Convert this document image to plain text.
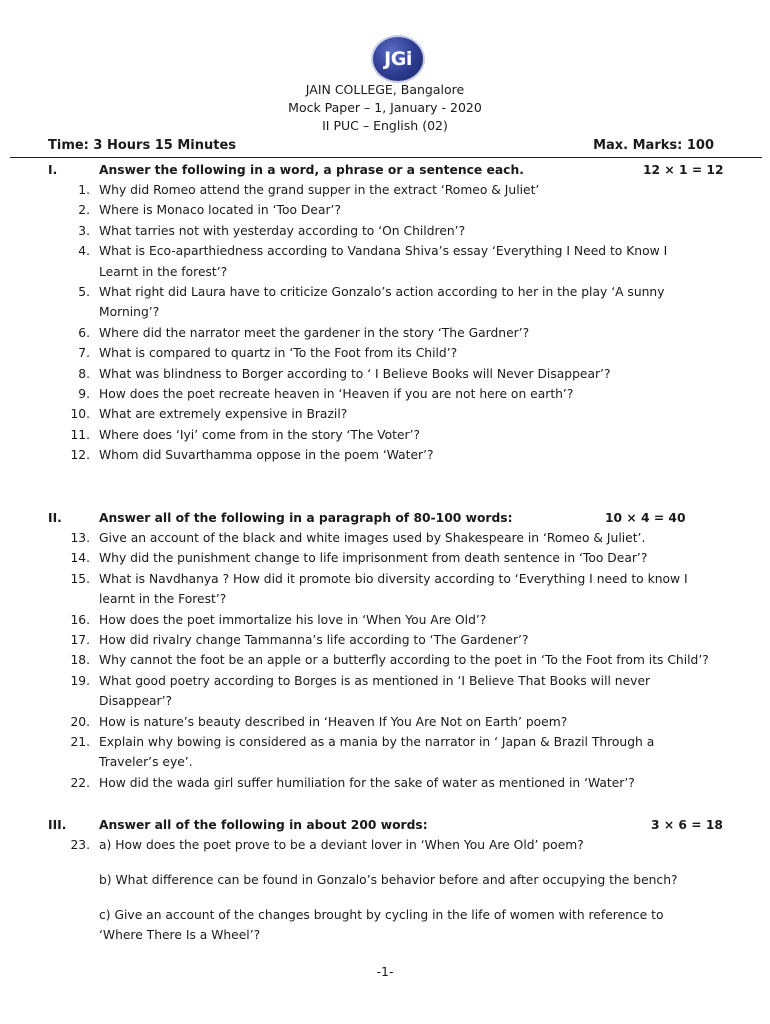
JGi
JAIN COLLEGE, Bangalore
Mock Paper – 1, January - 2020
II PUC – English (02)
Time: 3 Hours 15 Minutes	Max. Marks: 100
I.	Answer the following in a word, a phrase or a sentence each.	12 × 1 = 12
1. Why did Romeo attend the grand supper in the extract ‘Romeo & Juliet’
2. Where is Monaco located in ‘Too Dear’?
3. What tarries not with yesterday according to ‘On Children’?
4. What is Eco-aparthiedness according to Vandana Shiva’s essay ‘Everything I Need to Know I Learnt in the forest’?
5. What right did Laura have to criticize Gonzalo’s action according to her in the play ‘A sunny Morning’?
6. Where did the narrator meet the gardener in the story ‘The Gardner’?
7. What is compared to quartz in ‘To the Foot from its Child’?
8. What was blindness to Borger according to ‘ I Believe Books will Never Disappear’?
9. How does the poet recreate heaven in ‘Heaven if you are not here on earth’?
10. What are extremely expensive in Brazil?
11. Where does ‘Iyi’ come from in the story ‘The Voter’?
12. Whom did Suvarthamma oppose in the poem ‘Water’?
II.	Answer all of the following in a paragraph of 80-100 words:	10 × 4 = 40
13. Give an account of the black and white images used by Shakespeare in ‘Romeo & Juliet’.
14. Why did the punishment change to life imprisonment from death sentence in ‘Too Dear’?
15. What is Navdhanya ? How did it promote bio diversity according to ‘Everything I need to know I learnt in the Forest’?
16. How does the poet immortalize his love in ‘When You Are Old’?
17. How did rivalry change Tammanna’s life according to ‘The Gardener’?
18. Why cannot the foot be an apple or a butterfly according to the poet in ‘To the Foot from its Child’?
19. What good poetry according to Borges is as mentioned in ‘I Believe That Books will never Disappear’?
20. How is nature’s beauty described in ‘Heaven If You Are Not on Earth’ poem?
21. Explain why bowing is considered as a mania by the narrator in ‘ Japan & Brazil Through a Traveler’s eye’.
22. How did the wada girl suffer humiliation for the sake of water as mentioned in ‘Water’?
III.	Answer all of the following in about 200 words:	3 × 6 = 18
23. a) How does the poet prove to be a deviant lover in ‘When You Are Old’ poem?
b) What difference can be found in Gonzalo’s behavior before and after occupying the bench?
c) Give an account of the changes brought by cycling in the life of women with reference to ‘Where There Is a Wheel’?
-1-
